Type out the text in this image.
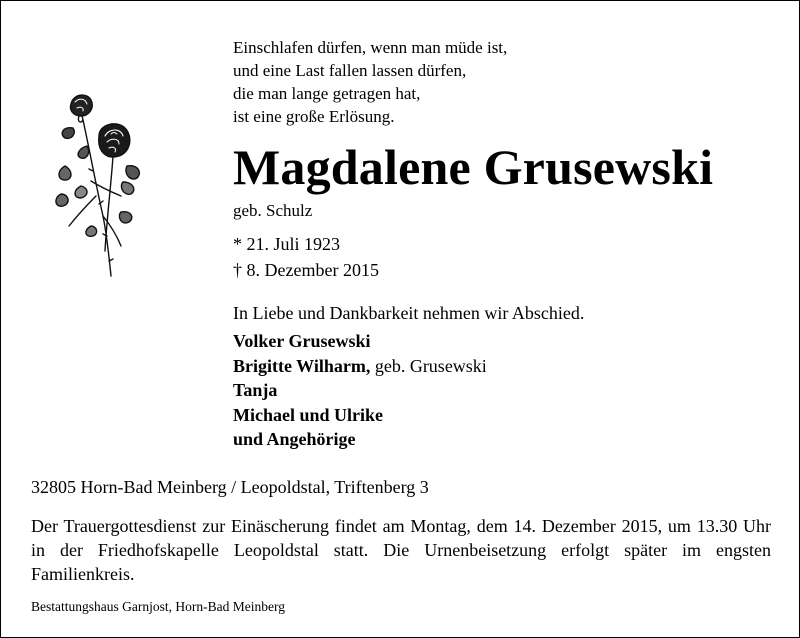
Einschlafen dürfen, wenn man müde ist,
und eine Last fallen lassen dürfen,
die man lange getragen hat,
ist eine große Erlösung.
Magdalene Grusewski
geb. Schulz
* 21. Juli 1923
† 8. Dezember 2015
In Liebe und Dankbarkeit nehmen wir Abschied.
Volker Grusewski
Brigitte Wilharm, geb. Grusewski
Tanja
Michael und Ulrike
und Angehörige
32805 Horn-Bad Meinberg / Leopoldstal, Triftenberg 3
Der Trauergottesdienst zur Einäscherung findet am Montag, dem 14. Dezember 2015, um 13.30 Uhr in der Friedhofskapelle Leopoldstal statt. Die Urnenbeisetzung erfolgt später im engsten Familienkreis.
Bestattungshaus Garnjost, Horn-Bad Meinberg
